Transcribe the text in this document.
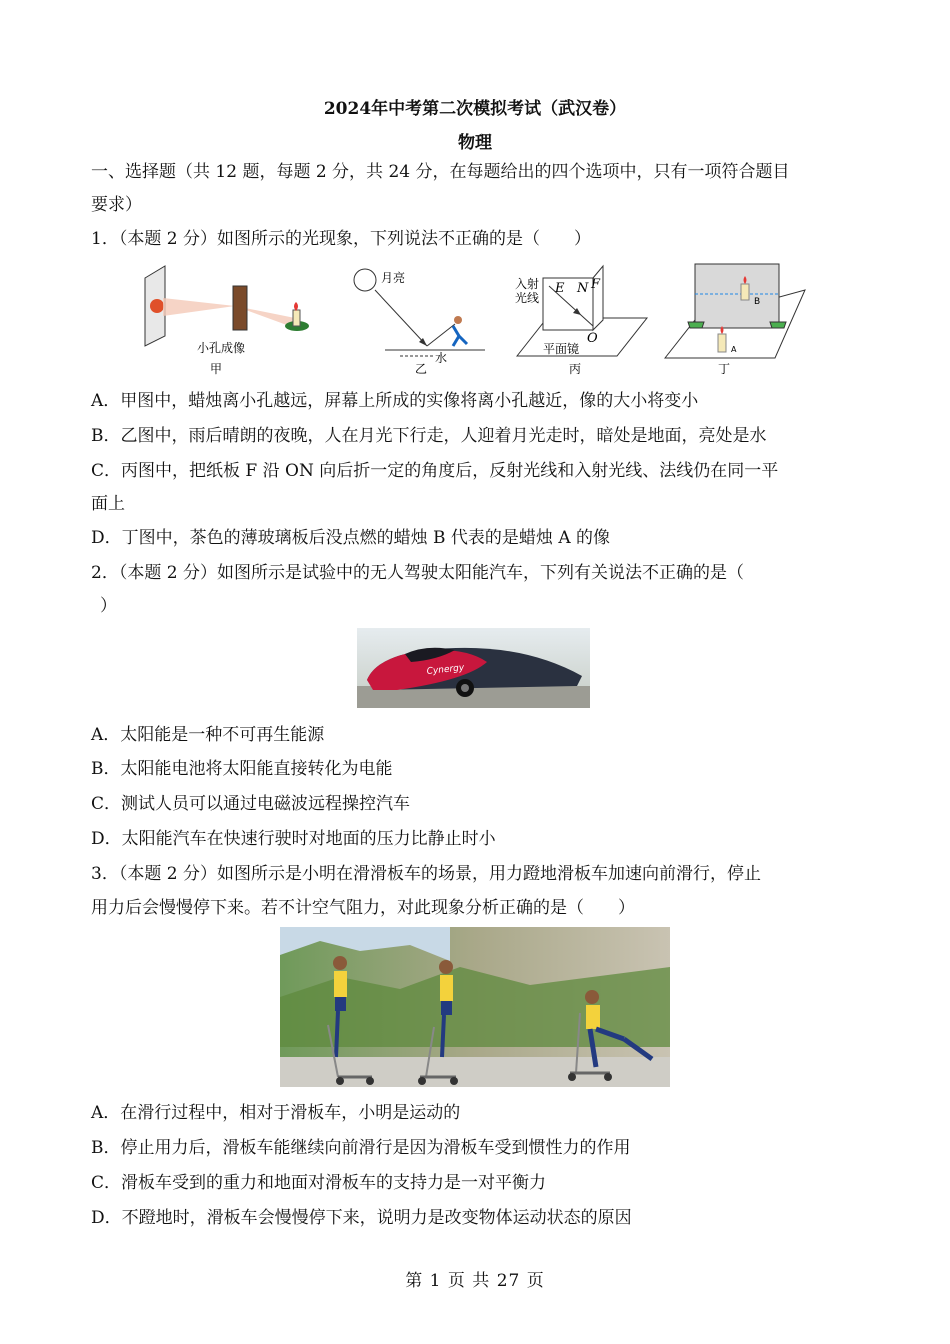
2024年中考第二次模拟考试（武汉卷）
物理
一、选择题（共 12 题，每题 2 分，共 24 分，在每题给出的四个选项中，只有一项符合题目
要求）
1．（本题 2 分）如图所示的光现象，下列说法不正确的是（　　）
小孔成像
甲
月亮
水
乙
入射
光线
E N F
O
平面镜
丙
B
A
丁
A．甲图中，蜡烛离小孔越远，屏幕上所成的实像将离小孔越近，像的大小将变小
B．乙图中，雨后晴朗的夜晚，人在月光下行走，人迎着月光走时，暗处是地面，亮处是水
C．丙图中，把纸板 F 沿 ON 向后折一定的角度后，反射光线和入射光线、法线仍在同一平
面上
D．丁图中，茶色的薄玻璃板后没点燃的蜡烛 B 代表的是蜡烛 A 的像
2．（本题 2 分）如图所示是试验中的无人驾驶太阳能汽车，下列有关说法不正确的是（
）
Cynergy
A．太阳能是一种不可再生能源
B．太阳能电池将太阳能直接转化为电能
C．测试人员可以通过电磁波远程操控汽车
D．太阳能汽车在快速行驶时对地面的压力比静止时小
3．（本题 2 分）如图所示是小明在滑滑板车的场景，用力蹬地滑板车加速向前滑行，停止
用力后会慢慢停下来。若不计空气阻力，对此现象分析正确的是（　　）
A．在滑行过程中，相对于滑板车，小明是运动的
B．停止用力后，滑板车能继续向前滑行是因为滑板车受到惯性力的作用
C．滑板车受到的重力和地面对滑板车的支持力是一对平衡力
D．不蹬地时，滑板车会慢慢停下来，说明力是改变物体运动状态的原因
第 1 页 共 27 页
